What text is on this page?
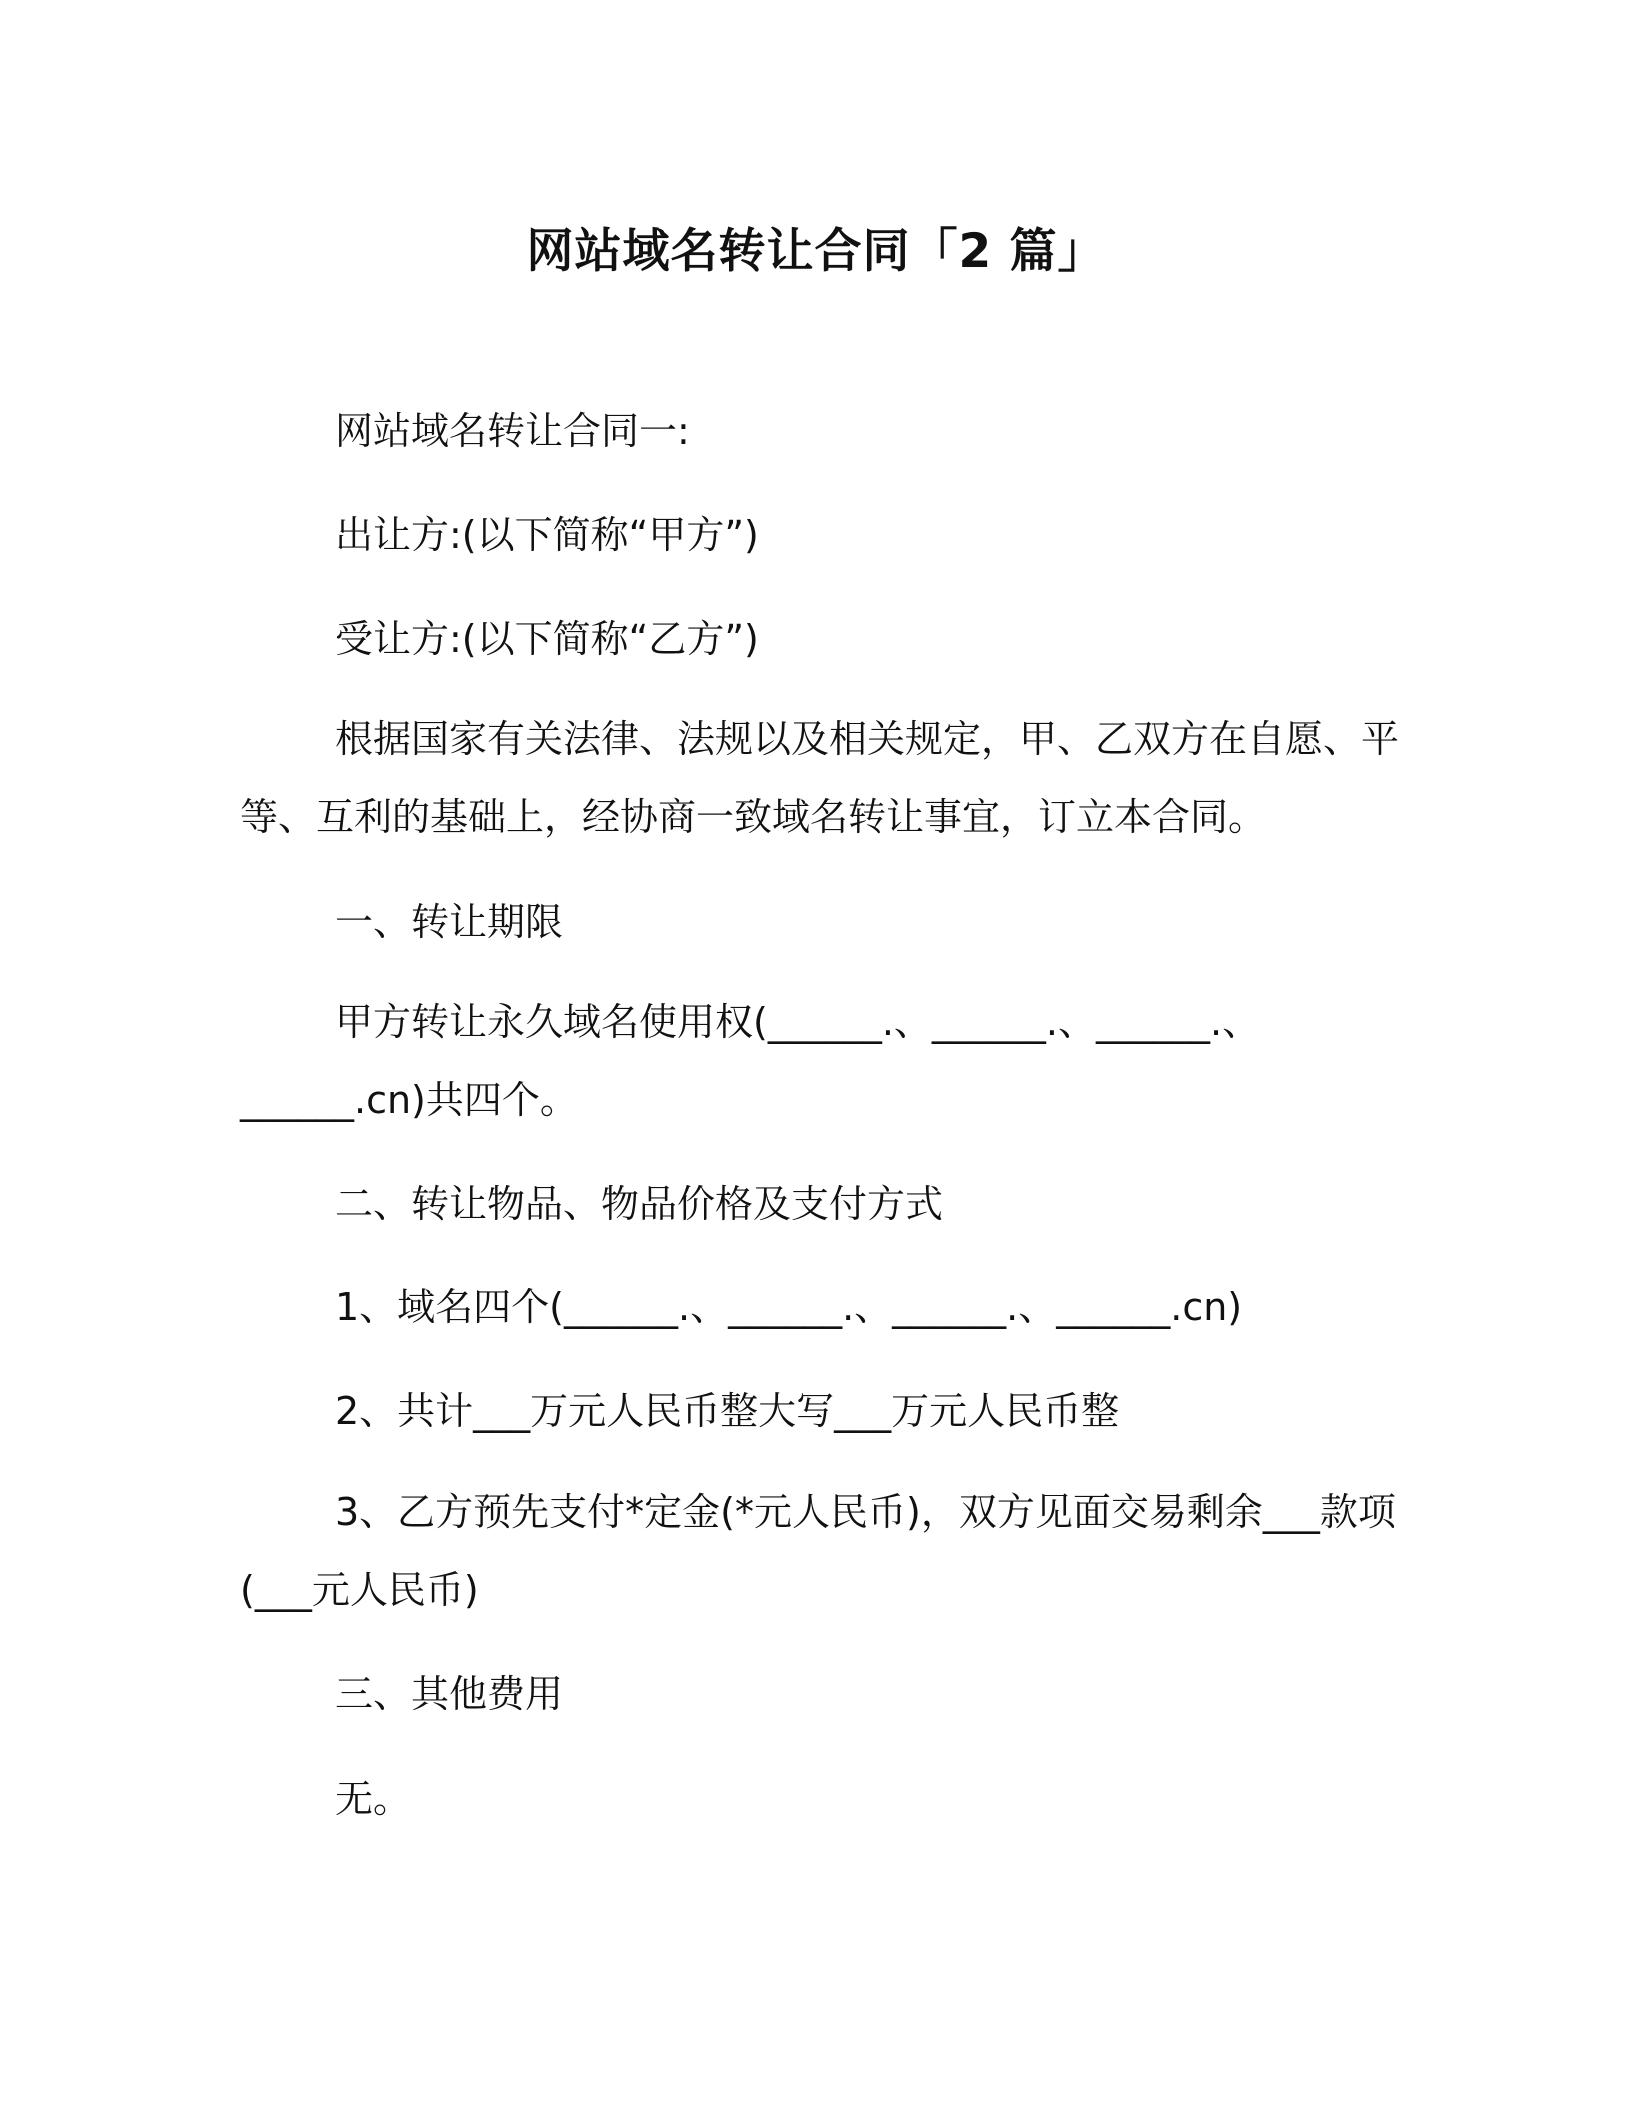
网站域名转让合同「2 篇」
网站域名转让合同一:
出让方:(以下简称“甲方”)
受让方:(以下简称“乙方”)
根据国家有关法律、法规以及相关规定，甲、乙双方在自愿、平
等、互利的基础上，经协商一致域名转让事宜，订立本合同。
一、转让期限
甲方转让永久域名使用权(______.、______.、______.、
______.cn)共四个。
二、转让物品、物品价格及支付方式
1、域名四个(______.、______.、______.、______.cn)
2、共计___万元人民币整大写___万元人民币整
3、乙方预先支付*定金(*元人民币)，双方见面交易剩余___款项
(___元人民币)
三、其他费用
无。
